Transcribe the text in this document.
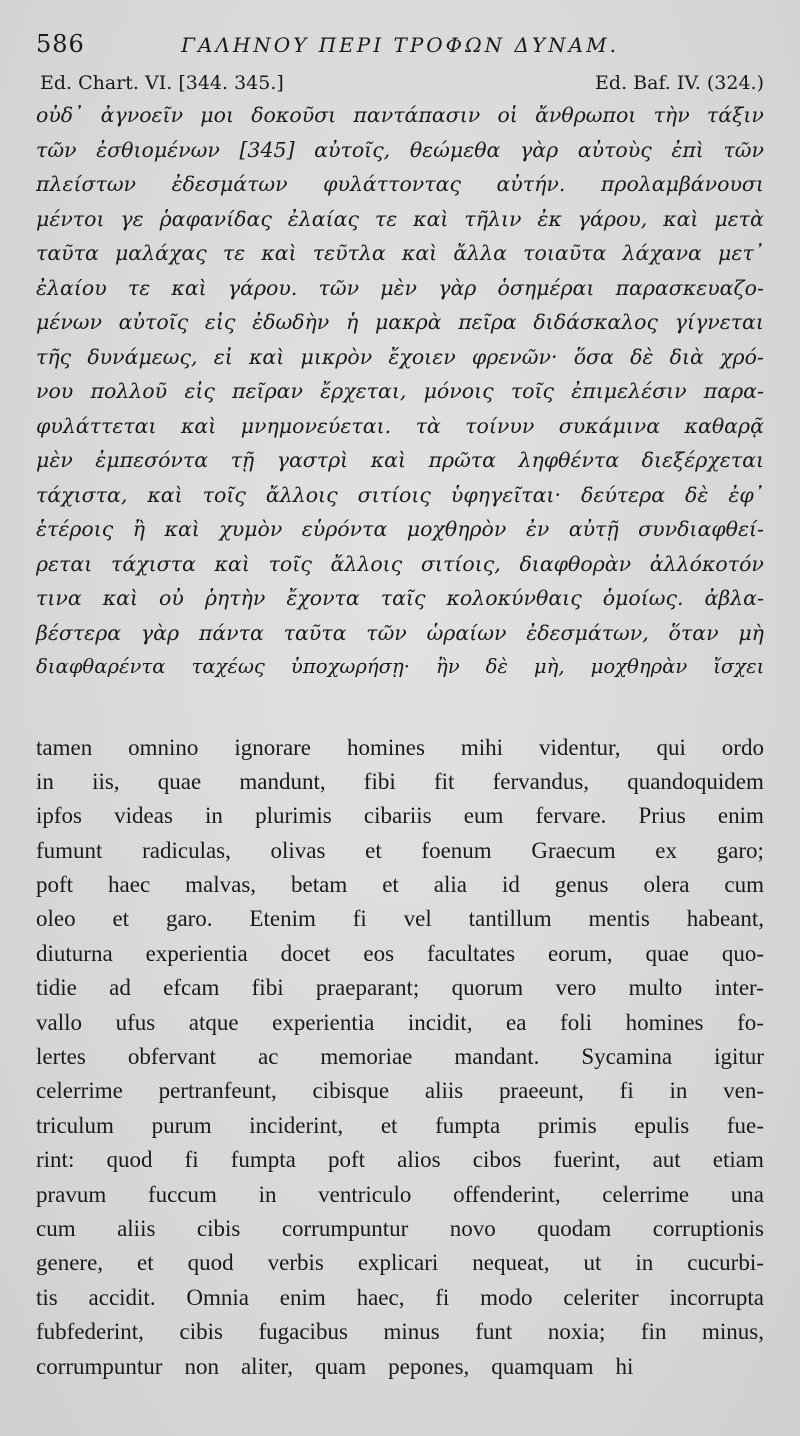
586	ΓΑΛΗΝΟΥ ΠΕΡΙ ΤΡΟΦΩΝ ΔΥΝΑΜ.
Ed. Chart. VI. [344. 345.]	Ed. Baf. IV. (324.)
οὐδ᾽ ἀγνοεῖν μοι δοκοῦσι παντάπασιν οἱ ἄνθρωποι τὴν τάξιν
τῶν ἐσθιομένων [345] αὐτοῖς, θεώμεθα γὰρ αὐτοὺς ἐπὶ τῶν
πλείστων ἐδεσμάτων φυλάττοντας αὐτήν. προλαμβάνουσι
μέντοι γε ῥαφανίδας ἐλαίας τε καὶ τῆλιν ἐκ γάρου, καὶ μετὰ
ταῦτα μαλάχας τε καὶ τεῦτλα καὶ ἄλλα τοιαῦτα λάχανα μετ᾽
ἐλαίου τε καὶ γάρου. τῶν μὲν γὰρ ὁσημέραι παρασκευαζο-
μένων αὐτοῖς εἰς ἐδωδὴν ἡ μακρὰ πεῖρα διδάσκαλος γίγνεται
τῆς δυνάμεως, εἰ καὶ μικρὸν ἔχοιεν φρενῶν· ὅσα δὲ διὰ χρό-
νου πολλοῦ εἰς πεῖραν ἔρχεται, μόνοις τοῖς ἐπιμελέσιν παρα-
φυλάττεται καὶ μνημονεύεται. τὰ τοίνυν συκάμινα καθαρᾷ
μὲν ἐμπεσόντα τῇ γαστρὶ καὶ πρῶτα ληφθέντα διεξέρχεται
τάχιστα, καὶ τοῖς ἄλλοις σιτίοις ὑφηγεῖται· δεύτερα δὲ ἐφ᾽
ἑτέροις ἢ καὶ χυμὸν εὑρόντα μοχθηρὸν ἐν αὐτῇ συνδιαφθεί-
ρεται τάχιστα καὶ τοῖς ἄλλοις σιτίοις, διαφθορὰν ἀλλόκοτόν
τινα καὶ οὐ ῥητὴν ἔχοντα ταῖς κολοκύνθαις ὁμοίως. ἀβλα-
βέστερα γὰρ πάντα ταῦτα τῶν ὡραίων ἐδεσμάτων, ὅταν μὴ
διαφθαρέντα ταχέως ὑποχωρήσῃ· ἢν δὲ μὴ, μοχθηρὰν ἴσχει
tamen omnino ignorare homines mihi videntur, qui ordo
in iis, quae mandunt, fibi fit fervandus, quandoquidem
ipfos videas in plurimis cibariis eum fervare. Prius enim
fumunt radiculas, olivas et foenum Graecum ex garo;
poft haec malvas, betam et alia id genus olera cum
oleo et garo. Etenim fi vel tantillum mentis habeant,
diuturna experientia docet eos facultates eorum, quae quo-
tidie ad efcam fibi praeparant; quorum vero multo inter-
vallo ufus atque experientia incidit, ea foli homines fo-
lertes obfervant ac memoriae mandant. Sycamina igitur
celerrime pertranfeunt, cibisque aliis praeeunt, fi in ven-
triculum purum inciderint, et fumpta primis epulis fue-
rint: quod fi fumpta poft alios cibos fuerint, aut etiam
pravum fuccum in ventriculo offenderint, celerrime una
cum aliis cibis corrumpuntur novo quodam corruptionis
genere, et quod verbis explicari nequeat, ut in cucurbi-
tis accidit. Omnia enim haec, fi modo celeriter incorrupta
fubfederint, cibis fugacibus minus funt noxia; fin minus,
corrumpuntur non aliter, quam pepones, quamquam hi
